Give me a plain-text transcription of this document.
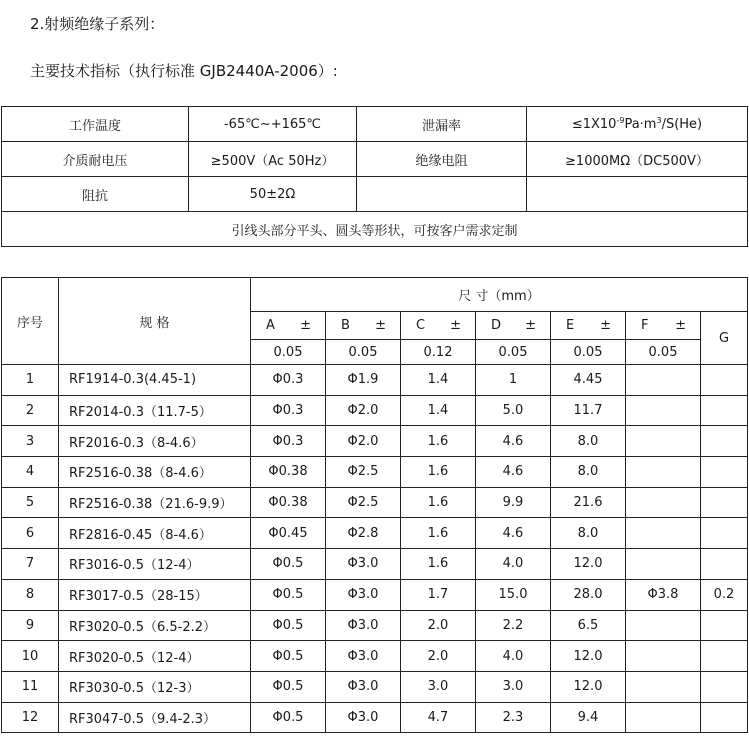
2.射频绝缘子系列：
主要技术指标（执行标准 GJB2440A-2006）:
工作温度	-65℃~+165℃	泄漏率	$\le 1X10^{-9}Pa\cdot m^3/S(He)$
介质耐电压	≥500V（Ac 50Hz）	绝缘电阻	≥1000MΩ（DC500V）
阻抗	50±2Ω		
引线头部分平头、圆头等形状，可按客户需求定制			
序号	规 格	尺 寸（mm）						

		A ±	B ±	C ±	D ±	E ±	F ±	G
		0.05	0.05	0.12	0.05	0.05	0.05	
1	RF1914-0.3(4.45-1)	Φ0.3	Φ1.9	1.4	1	4.45		
2	RF2014-0.3（11.7-5）	Φ0.3	Φ2.0	1.4	5.0	11.7		
3	RF2016-0.3（8-4.6）	Φ0.3	Φ2.0	1.6	4.6	8.0		
4	RF2516-0.38（8-4.6）	Φ0.38	Φ2.5	1.6	4.6	8.0		
5	RF2516-0.38（21.6-9.9）	Φ0.38	Φ2.5	1.6	9.9	21.6		
6	RF2816-0.45（8-4.6）	Φ0.45	Φ2.8	1.6	4.6	8.0		
7	RF3016-0.5（12-4）	Φ0.5	Φ3.0	1.6	4.0	12.0		
8	RF3017-0.5（28-15）	Φ0.5	Φ3.0	1.7	15.0	28.0	Φ3.8	0.2
9	RF3020-0.5（6.5-2.2）	Φ0.5	Φ3.0	2.0	2.2	6.5		
10	RF3020-0.5（12-4）	Φ0.5	Φ3.0	2.0	4.0	12.0		
11	RF3030-0.5（12-3）	Φ0.5	Φ3.0	3.0	3.0	12.0		
12	RF3047-0.5（9.4-2.3）	Φ0.5	Φ3.0	4.7	2.3	9.4		
